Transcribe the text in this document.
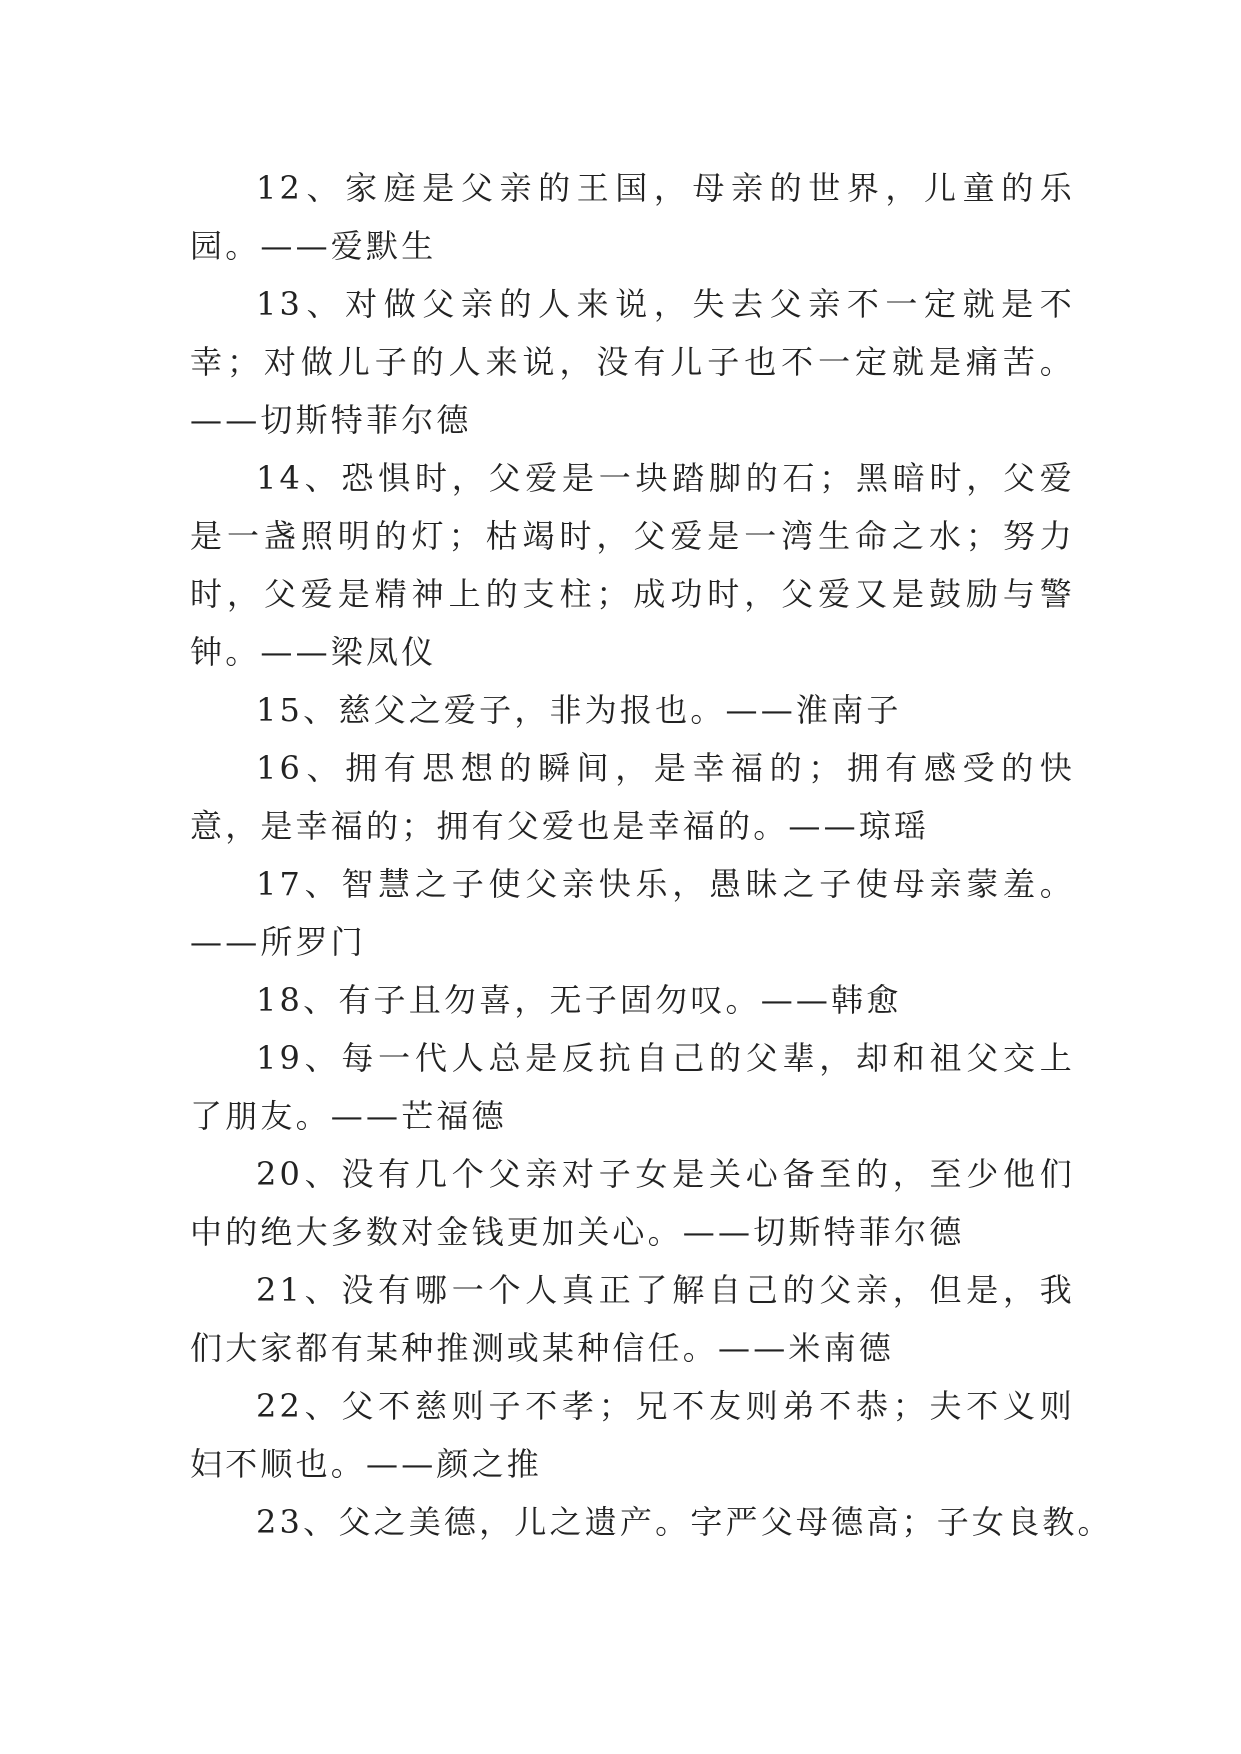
12、家庭是父亲的王国，母亲的世界，儿童的乐园。——爱默生

13、对做父亲的人来说，失去父亲不一定就是不幸；对做儿子的人来说，没有儿子也不一定就是痛苦。——切斯特菲尔德

14、恐惧时，父爱是一块踏脚的石；黑暗时，父爱是一盏照明的灯；枯竭时，父爱是一湾生命之水；努力时，父爱是精神上的支柱；成功时，父爱又是鼓励与警钟。——梁凤仪

15、慈父之爱子，非为报也。——淮南子

16、拥有思想的瞬间，是幸福的；拥有感受的快意，是幸福的；拥有父爱也是幸福的。——琼瑶

17、智慧之子使父亲快乐，愚昧之子使母亲蒙羞。——所罗门

18、有子且勿喜，无子固勿叹。——韩愈

19、每一代人总是反抗自己的父辈，却和祖父交上了朋友。——芒福德

20、没有几个父亲对子女是关心备至的，至少他们中的绝大多数对金钱更加关心。——切斯特菲尔德

21、没有哪一个人真正了解自己的父亲，但是，我们大家都有某种推测或某种信任。——米南德

22、父不慈则子不孝；兄不友则弟不恭；夫不义则妇不顺也。——颜之推

23、父之美德，儿之遗产。字严父母德高；子女良教。
